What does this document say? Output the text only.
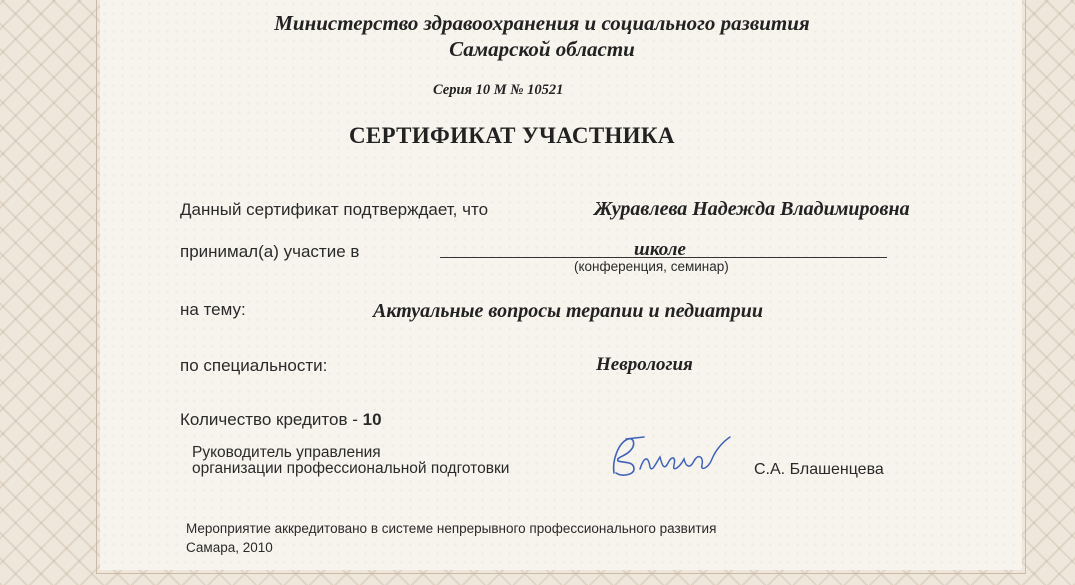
Министерство здравоохранения и социального развития
Самарской области
Серия 10 М № 10521
СЕРТИФИКАТ УЧАСТНИКА
Данный сертификат подтверждает, что	Журавлева Надежда Владимировна
принимал(а) участие в	школе
(конференция, семинар)
на тему:	Актуальные вопросы терапии и педиатрии
по специальности:	Неврология
Количество кредитов - 10
Руководитель управления
организации профессиональной подготовки	С.А. Блашенцева
Мероприятие аккредитовано в системе непрерывного профессионального развития
Самара, 2010
